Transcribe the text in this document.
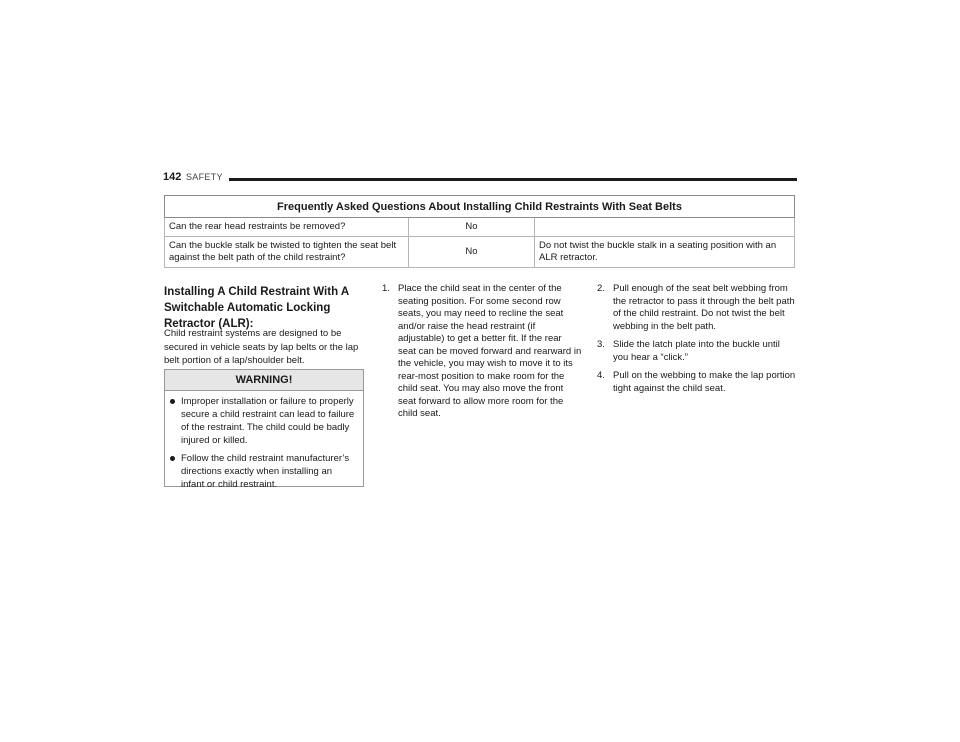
142 SAFETY
Frequently Asked Questions About Installing Child Restraints With Seat Belts		
Can the rear head restraints be removed?	No	
Can the buckle stalk be twisted to tighten the seat belt against the belt path of the child restraint?	No	Do not twist the buckle stalk in a seating position with an ALR retractor.
Installing A Child Restraint With A Switchable Automatic Locking Retractor (ALR):
Child restraint systems are designed to be secured in vehicle seats by lap belts or the lap belt portion of a lap/shoulder belt.
WARNING!
Improper installation or failure to properly secure a child restraint can lead to failure of the restraint. The child could be badly injured or killed.
Follow the child restraint manufacturer’s directions exactly when installing an infant or child restraint.
1. Place the child seat in the center of the seating position. For some second row seats, you may need to recline the seat and/or raise the head restraint (if adjustable) to get a better fit. If the rear seat can be moved forward and rearward in the vehicle, you may wish to move it to its rear-most position to make room for the child seat. You may also move the front seat forward to allow more room for the child seat.
2. Pull enough of the seat belt webbing from the retractor to pass it through the belt path of the child restraint. Do not twist the belt webbing in the belt path.
3. Slide the latch plate into the buckle until you hear a “click.”
4. Pull on the webbing to make the lap portion tight against the child seat.
